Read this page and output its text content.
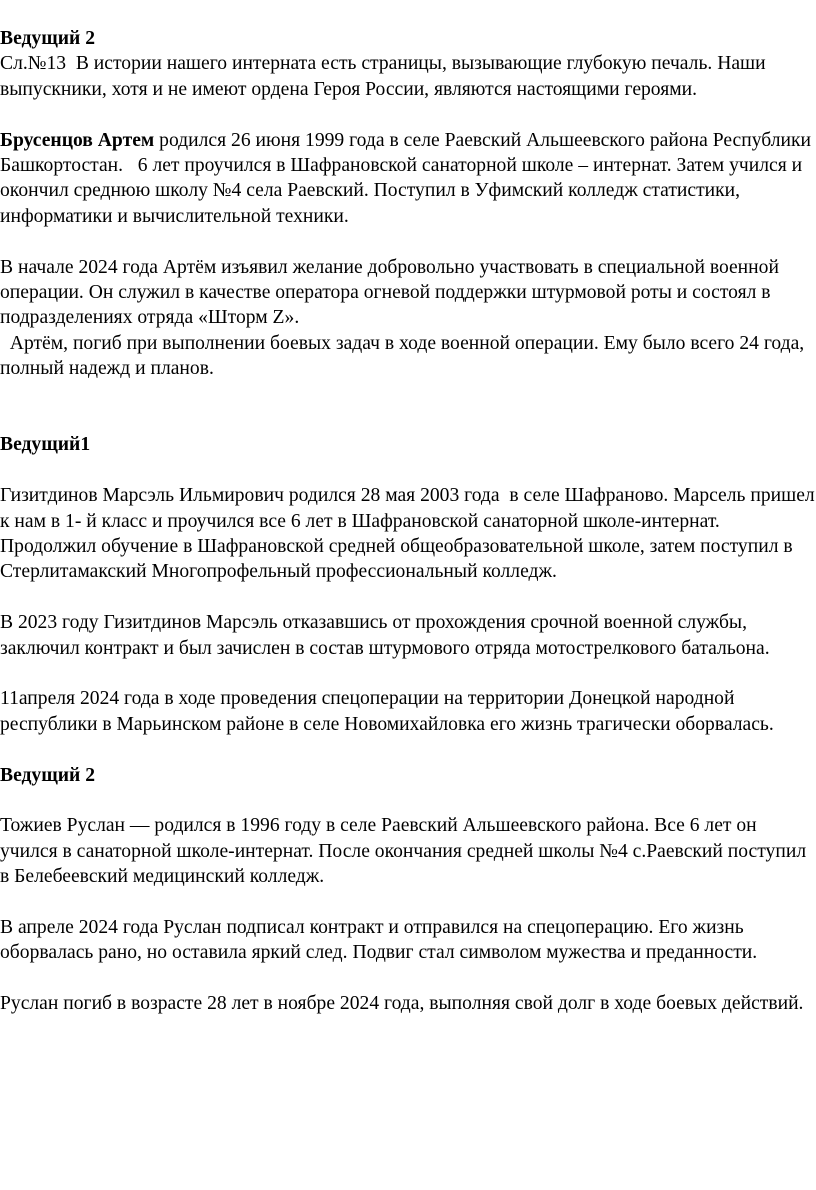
Ведущий 2

Сл.№13  В истории нашего интерната есть страницы, вызывающие глубокую печаль. Наши выпускники, хотя и не имеют ордена Героя России, являются настоящими героями.

Брусенцов Артем родился 26 июня 1999 года в селе Раевский Альшеевского района Республики Башкортостан.   6 лет проучился в Шафрановской санаторной школе – интернат. Затем учился и окончил среднюю школу №4 села Раевский. Поступил в Уфимский колледж статистики, информатики и вычислительной техники.

В начале 2024 года Артём изъявил желание добровольно участвовать в специальной военной операции. Он служил в качестве оператора огневой поддержки штурмовой роты и состоял в подразделениях отряда «Шторм Z».

Артём, погиб при выполнении боевых задач в ходе военной операции. Ему было всего 24 года, полный надежд и планов.

Ведущий1

Гизитдинов Марсэль Ильмирович родился 28 мая 2003 года  в селе Шафраново. Марсель пришел к нам в 1- й класс и проучился все 6 лет в Шафрановской санаторной школе-интернат. Продолжил обучение в Шафрановской средней общеобразовательной школе, затем поступил в Стерлитамакский Многопрофельный профессиональный колледж.

В 2023 году Гизитдинов Марсэль отказавшись от прохождения срочной военной службы, заключил контракт и был зачислен в состав штурмового отряда мотострелкового батальона.

11апреля 2024 года в ходе проведения спецоперации на территории Донецкой народной республики в Марьинском районе в селе Новомихайловка его жизнь трагически оборвалась.

Ведущий 2

Тожиев Руслан — родился в 1996 году в селе Раевский Альшеевского района. Все 6 лет он учился в санаторной школе-интернат. После окончания средней школы №4 с.Раевский поступил в Белебеевский медицинский колледж.

В апреле 2024 года Руслан подписал контракт и отправился на спецоперацию. Его жизнь оборвалась рано, но оставила яркий след. Подвиг стал символом мужества и преданности.

Руслан погиб в возрасте 28 лет в ноябре 2024 года, выполняя свой долг в ходе боевых действий.
